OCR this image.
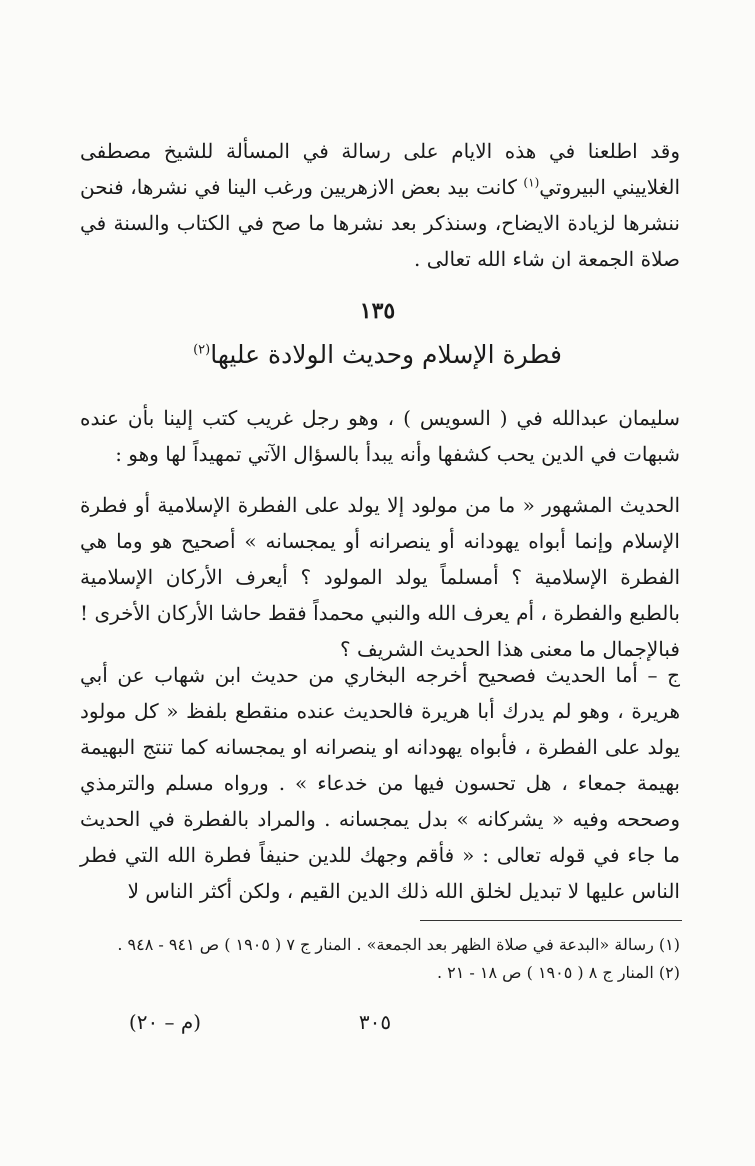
وقد اطلعنا في هذه الايام على رسالة في المسألة للشيخ مصطفى الغلاييني البيروتي$^{(١)}$ كانت بيد بعض الازهريين ورغب الينا في نشرها، فنحن ننشرها لزيادة الايضاح، وسنذكر بعد نشرها ما صح في الكتاب والسنة في صلاة الجمعة ان شاء الله تعالى .

١٣٥
فطرة الإسلام وحديث الولادة عليها$^{(٢)}$

سليمان عبدالله في ( السويس ) ، وهو رجل غريب كتب إلينا بأن عنده شبهات في الدين يحب كشفها وأنه يبدأ بالسؤال الآتي تمهيداً لها وهو :

الحديث المشهور « ما من مولود إلا يولد على الفطرة الإسلامية أو فطرة الإسلام وإنما أبواه يهودانه أو ينصرانه أو يمجسانه » أصحيح هو وما هي الفطرة الإسلامية ؟ أمسلماً يولد المولود ؟ أيعرف الأركان الإسلامية بالطبع والفطرة ، أم يعرف الله والنبي محمداً فقط حاشا الأركان الأخرى ! فبالإجمال ما معنى هذا الحديث الشريف ؟

ج – أما الحديث فصحيح أخرجه البخاري من حديث ابن شهاب عن أبي هريرة ، وهو لم يدرك أبا هريرة فالحديث عنده منقطع بلفظ « كل مولود يولد على الفطرة ، فأبواه يهودانه او ينصرانه او يمجسانه كما تنتج البهيمة بهيمة جمعاء ، هل تحسون فيها من خدعاء » . ورواه مسلم والترمذي وصححه وفيه « يشركانه » بدل يمجسانه . والمراد بالفطرة في الحديث ما جاء في قوله تعالى : « فأقم وجهك للدين حنيفاً فطرة الله التي فطر الناس عليها لا تبديل لخلق الله ذلك الدين القيم ، ولكن أكثر الناس لا

(١) رسالة «البدعة في صلاة الظهر بعد الجمعة» . المنار ج ٧ ( ١٩٠٥ ) ص ٩٤١ - ٩٤٨ .
(٢) المنار ج ٨ ( ١٩٠٥ ) ص ١٨ - ٢١ .
٣٠٥
(م – ٢٠)
